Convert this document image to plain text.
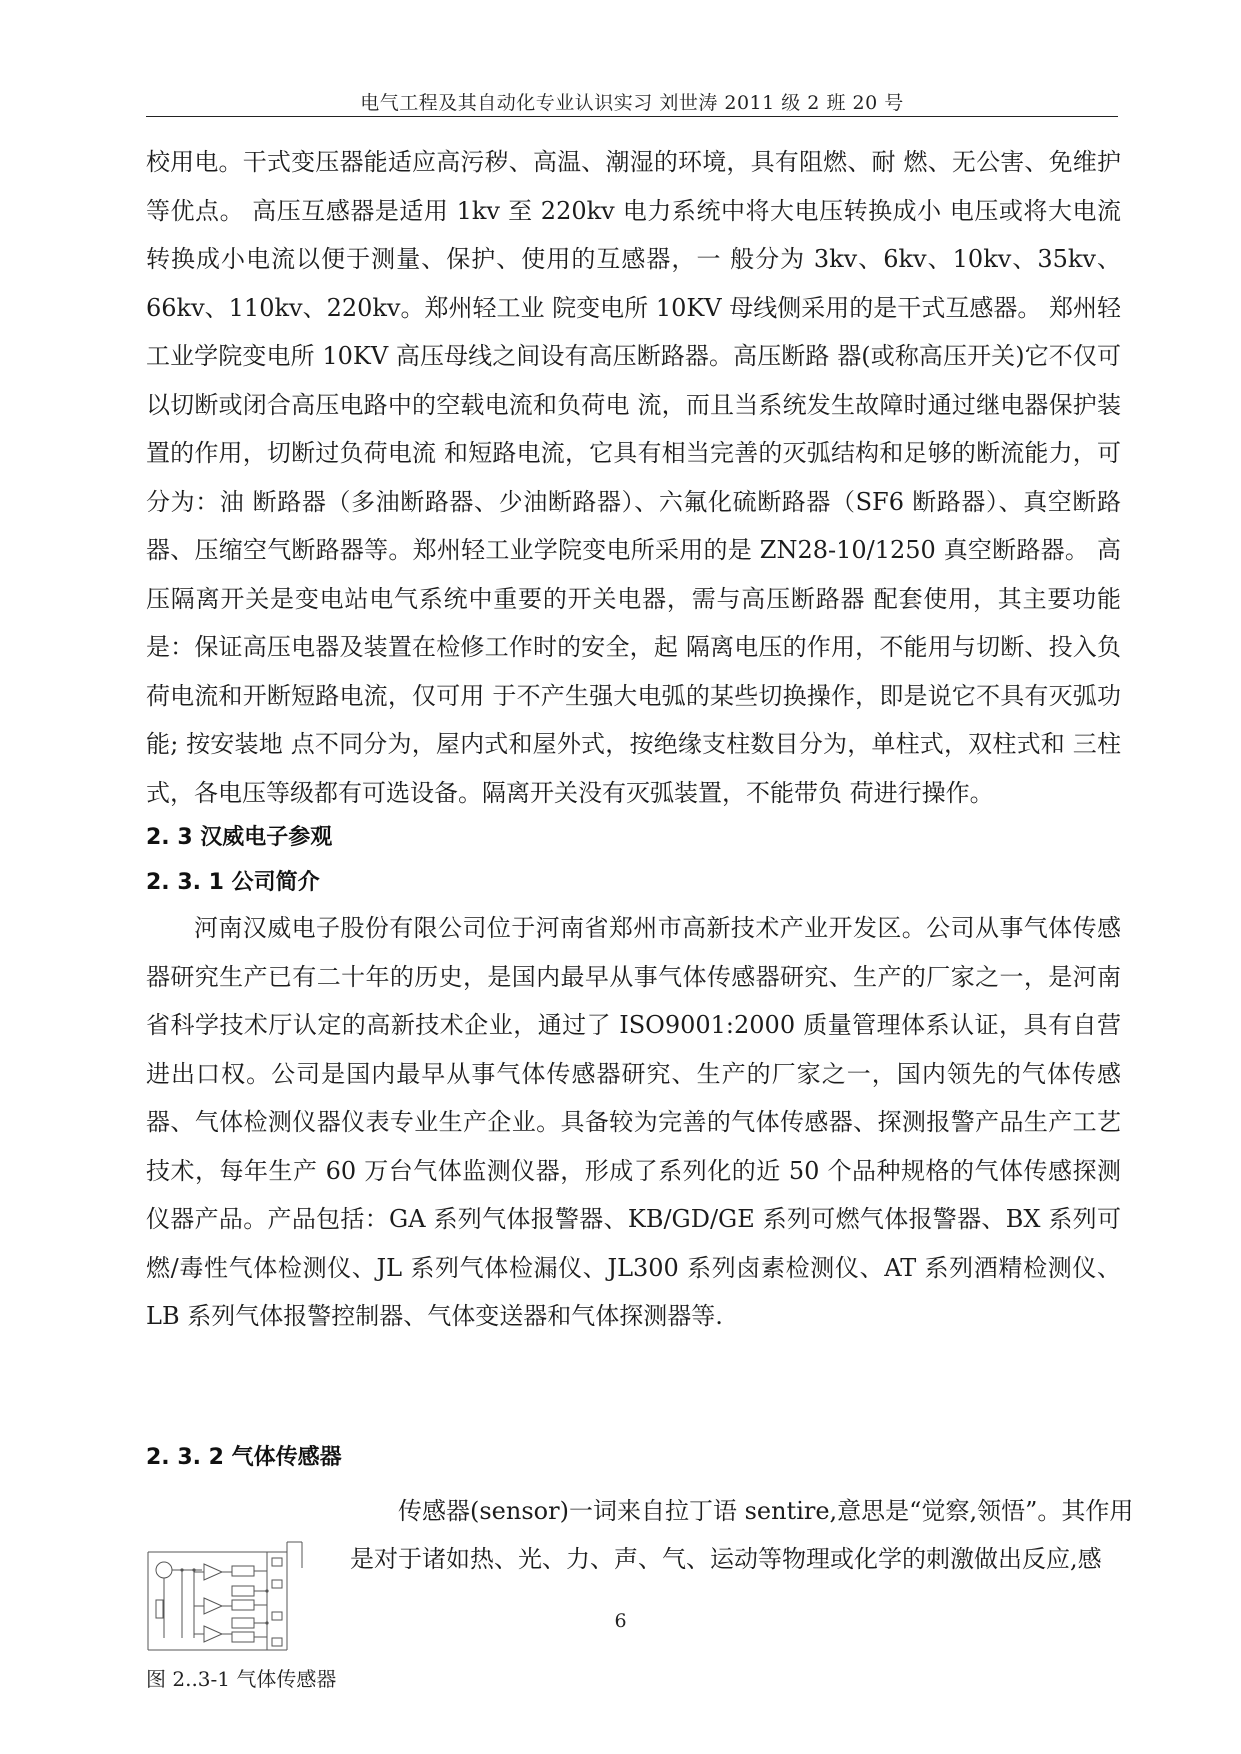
电气工程及其自动化专业认识实习 刘世涛 2011 级 2 班 20 号

校用电。干式变压器能适应高污秽、高温、潮湿的环境，具有阻燃、耐 燃、无公害、免维护等优点。 高压互感器是适用 1kv 至 220kv 电力系统中将大电压转换成小 电压或将大电流转换成小电流以便于测量、保护、使用的互感器，一 般分为 3kv、6kv、10kv、35kv、66kv、110kv、220kv。郑州轻工业 院变电所 10KV 母线侧采用的是干式互感器。 郑州轻工业学院变电所 10KV 高压母线之间设有高压断路器。高压断路 器(或称高压开关)它不仅可以切断或闭合高压电路中的空载电流和负荷电 流，而且当系统发生故障时通过继电器保护装置的作用，切断过负荷电流 和短路电流，它具有相当完善的灭弧结构和足够的断流能力，可分为：油 断路器（多油断路器、少油断路器）、六氟化硫断路器（SF6 断路器）、真空断路器、压缩空气断路器等。郑州轻工业学院变电所采用的是 ZN28-10/1250 真空断路器。 高压隔离开关是变电站电气系统中重要的开关电器，需与高压断路器 配套使用，其主要功能是：保证高压电器及装置在检修工作时的安全，起 隔离电压的作用，不能用与切断、投入负荷电流和开断短路电流，仅可用 于不产生强大电弧的某些切换操作，即是说它不具有灭弧功能; 按安装地 点不同分为，屋内式和屋外式，按绝缘支柱数目分为，单柱式，双柱式和 三柱式，各电压等级都有可选设备。隔离开关没有灭弧装置，不能带负 荷进行操作。

2. 3 汉威电子参观
2. 3. 1 公司简介

河南汉威电子股份有限公司位于河南省郑州市高新技术产业开发区。公司从事气体传感器研究生产已有二十年的历史，是国内最早从事气体传感器研究、生产的厂家之一，是河南省科学技术厅认定的高新技术企业，通过了 ISO9001:2000 质量管理体系认证，具有自营进出口权。公司是国内最早从事气体传感器研究、生产的厂家之一，国内领先的气体传感器、气体检测仪器仪表专业生产企业。具备较为完善的气体传感器、探测报警产品生产工艺技术，每年生产 60 万台气体监测仪器，形成了系列化的近 50 个品种规格的气体传感探测仪器产品。产品包括：GA 系列气体报警器、KB/GD/GE 系列可燃气体报警器、BX 系列可燃/毒性气体检测仪、JL 系列气体检漏仪、JL300 系列卤素检测仪、AT 系列酒精检测仪、LB 系列气体报警控制器、气体变送器和气体探测器等.

2. 3. 2 气体传感器

传感器(sensor)一词来自拉丁语 sentire,意思是“觉察,领悟”。其作用
是对于诸如热、光、力、声、气、运动等物理或化学的刺激做出反应,感

图 2..3-1 气体传感器
6
